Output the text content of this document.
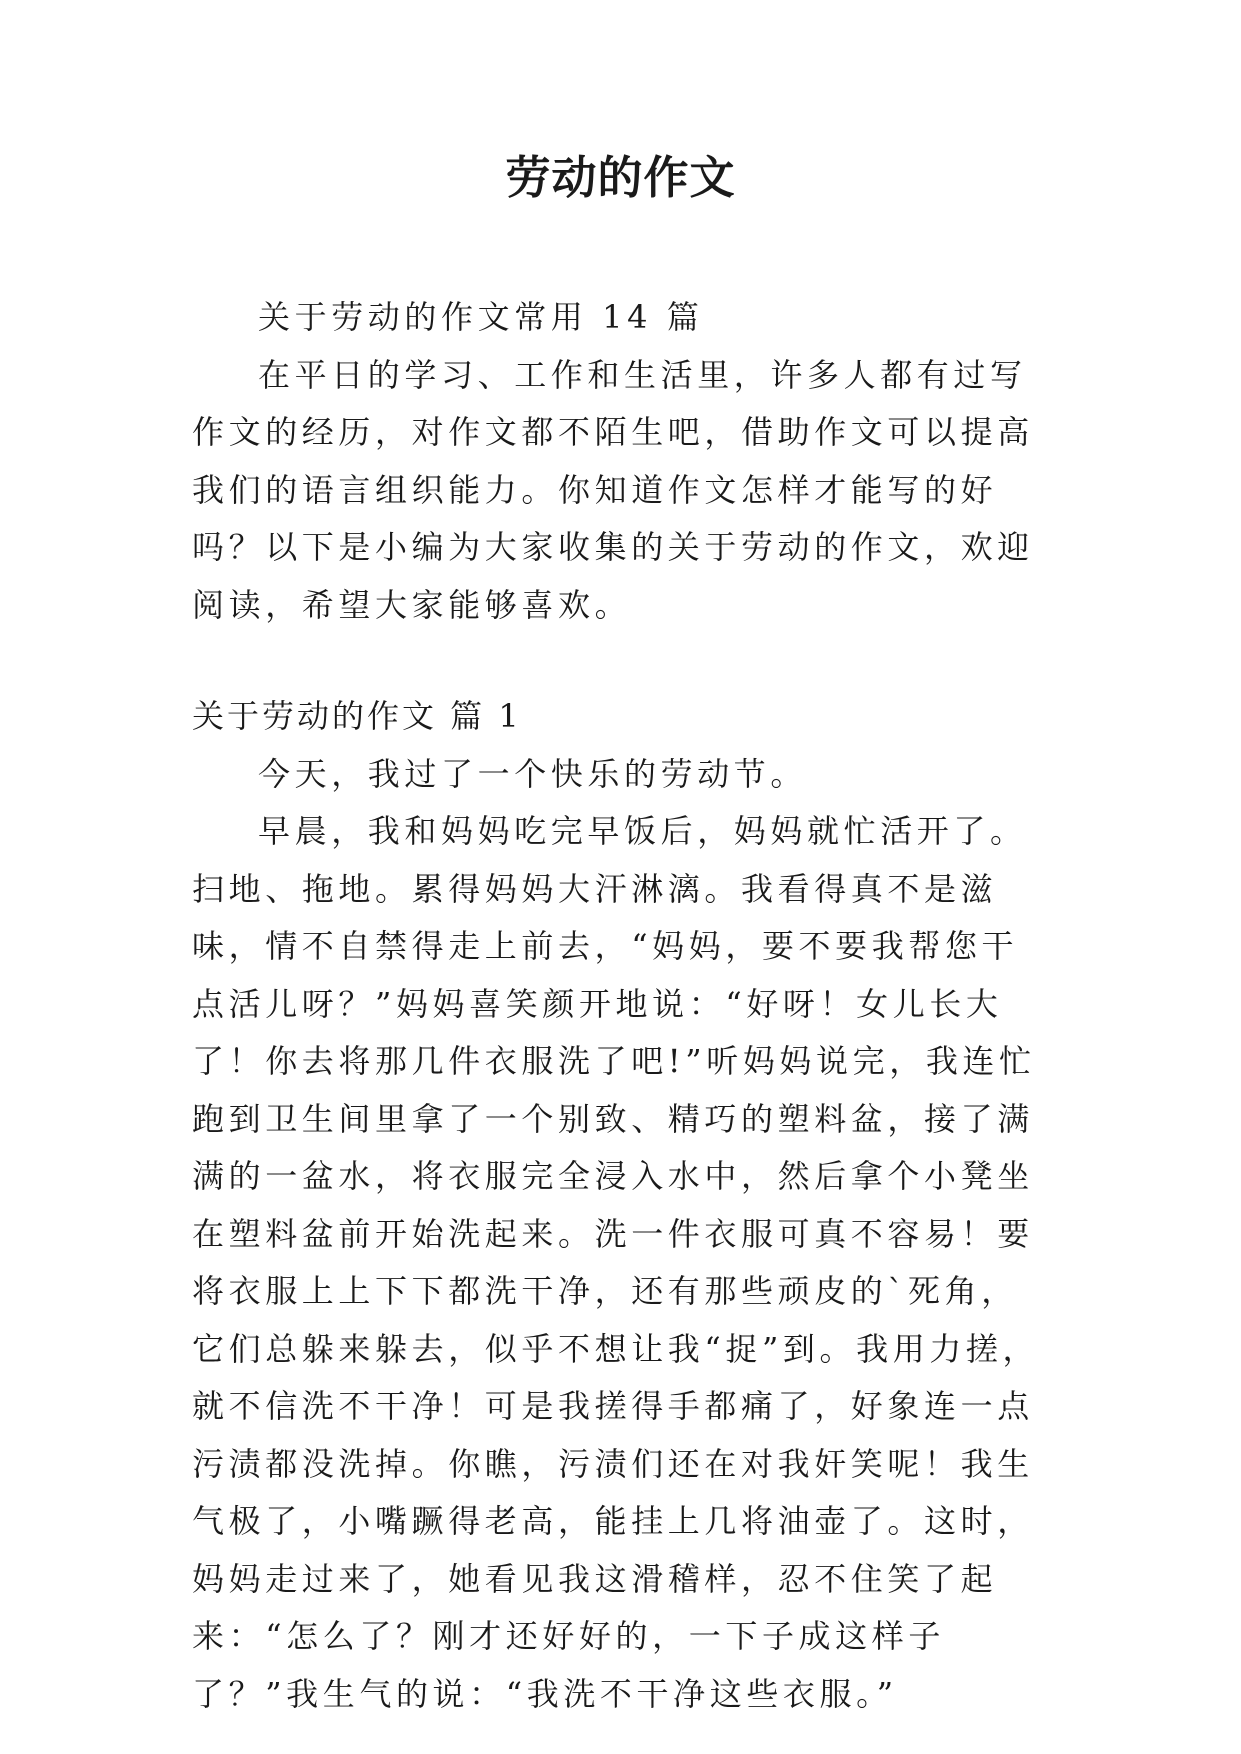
劳动的作文

关于劳动的作文常用 14 篇

在平日的学习、工作和生活里，许多人都有过写作文的经历，对作文都不陌生吧，借助作文可以提高我们的语言组织能力。你知道作文怎样才能写的好吗？以下是小编为大家收集的关于劳动的作文，欢迎阅读，希望大家能够喜欢。

关于劳动的作文 篇 1

今天，我过了一个快乐的劳动节。

早晨，我和妈妈吃完早饭后，妈妈就忙活开了。扫地、拖地。累得妈妈大汗淋漓。我看得真不是滋味，情不自禁得走上前去，“妈妈，要不要我帮您干点活儿呀？”妈妈喜笑颜开地说：“好呀！女儿长大了！你去将那几件衣服洗了吧!”听妈妈说完，我连忙跑到卫生间里拿了一个别致、精巧的塑料盆，接了满满的一盆水，将衣服完全浸入水中，然后拿个小凳坐在塑料盆前开始洗起来。洗一件衣服可真不容易！要将衣服上上下下都洗干净，还有那些顽皮的`死角，它们总躲来躲去，似乎不想让我“捉”到。我用力搓，就不信洗不干净！可是我搓得手都痛了，好象连一点污渍都没洗掉。你瞧，污渍们还在对我奸笑呢！我生气极了，小嘴蹶得老高，能挂上几将油壶了。这时，妈妈走过来了，她看见我这滑稽样，忍不住笑了起来：“怎么了？刚才还好好的，一下子成这样子了？”我生气的说：“我洗不干净这些衣服。”
